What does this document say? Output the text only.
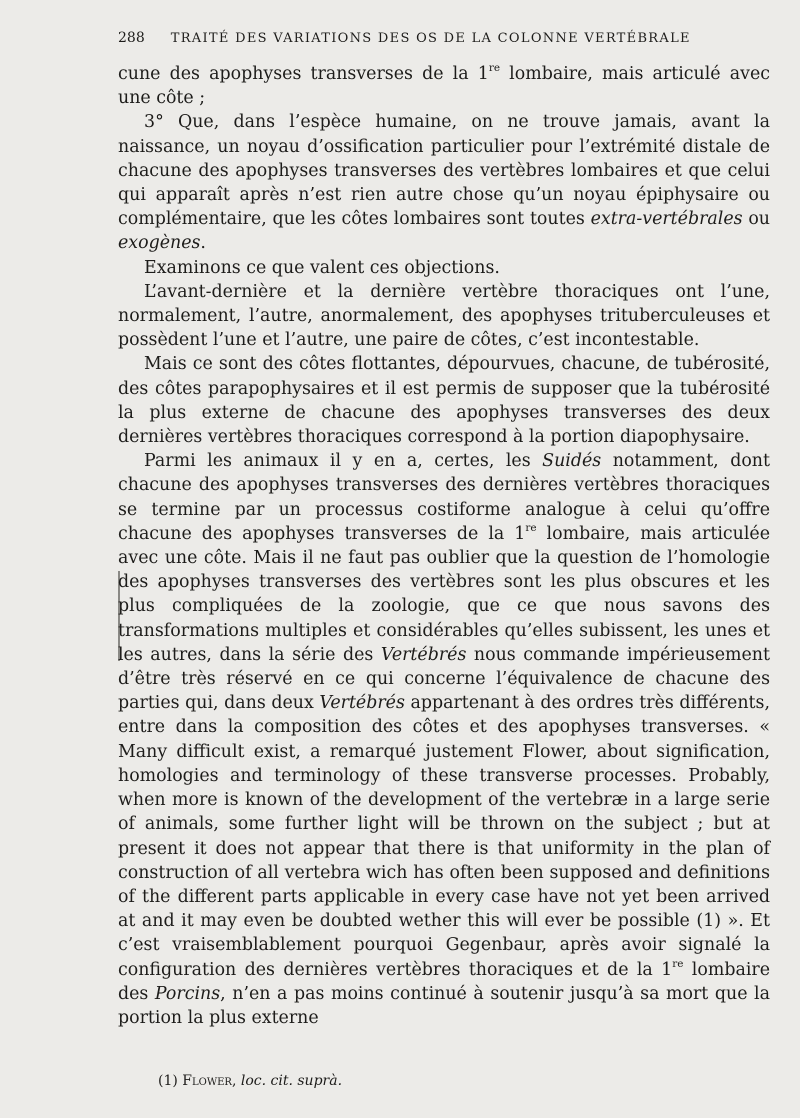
288 TRAITÉ DES VARIATIONS DES OS DE LA COLONNE VERTÉBRALE

cune des apophyses transverses de la 1re lombaire, mais articulé avec une côte ;

3° Que, dans l’espèce humaine, on ne trouve jamais, avant la naissance, un noyau d’ossification particulier pour l’extrémité distale de chacune des apophyses transverses des vertèbres lombaires et que celui qui apparaît après n’est rien autre chose qu’un noyau épiphysaire ou complémentaire, que les côtes lombaires sont toutes extra-vertébrales ou exogènes.

Examinons ce que valent ces objections.

L’avant-dernière et la dernière vertèbre thoraciques ont l’une, normalement, l’autre, anormalement, des apophyses trituberculeuses et possèdent l’une et l’autre, une paire de côtes, c’est incontestable.

Mais ce sont des côtes flottantes, dépourvues, chacune, de tubérosité, des côtes parapophysaires et il est permis de supposer que la tubérosité la plus externe de chacune des apophyses transverses des deux dernières vertèbres thoraciques correspond à la portion diapophysaire.

Parmi les animaux il y en a, certes, les Suidés notamment, dont chacune des apophyses transverses des dernières vertèbres thoraciques se termine par un processus costiforme analogue à celui qu’offre chacune des apophyses transverses de la 1re lombaire, mais articulée avec une côte. Mais il ne faut pas oublier que la question de l’homologie des apophyses transverses des vertèbres sont les plus obscures et les plus compliquées de la zoologie, que ce que nous savons des transformations multiples et considérables qu’elles subissent, les unes et les autres, dans la série des Vertébrés nous commande impérieusement d’être très réservé en ce qui concerne l’équivalence de chacune des parties qui, dans deux Vertébrés appartenant à des ordres très différents, entre dans la composition des côtes et des apophyses transverses. « Many difficult exist, a remarqué justement Flower, about signification, homologies and terminology of these transverse processes. Probably, when more is known of the development of the vertebræ in a large serie of animals, some further light will be thrown on the subject ; but at present it does not appear that there is that uniformity in the plan of construction of all vertebra wich has often been supposed and definitions of the different parts applicable in every case have not yet been arrived at and it may even be doubted wether this will ever be possible (1) ». Et c’est vraisemblablement pourquoi Gegenbaur, après avoir signalé la configuration des dernières vertèbres thoraciques et de la 1re lombaire des Porcins, n’en a pas moins continué à soutenir jusqu’à sa mort que la portion la plus externe

(1) Flower, loc. cit. suprà.
